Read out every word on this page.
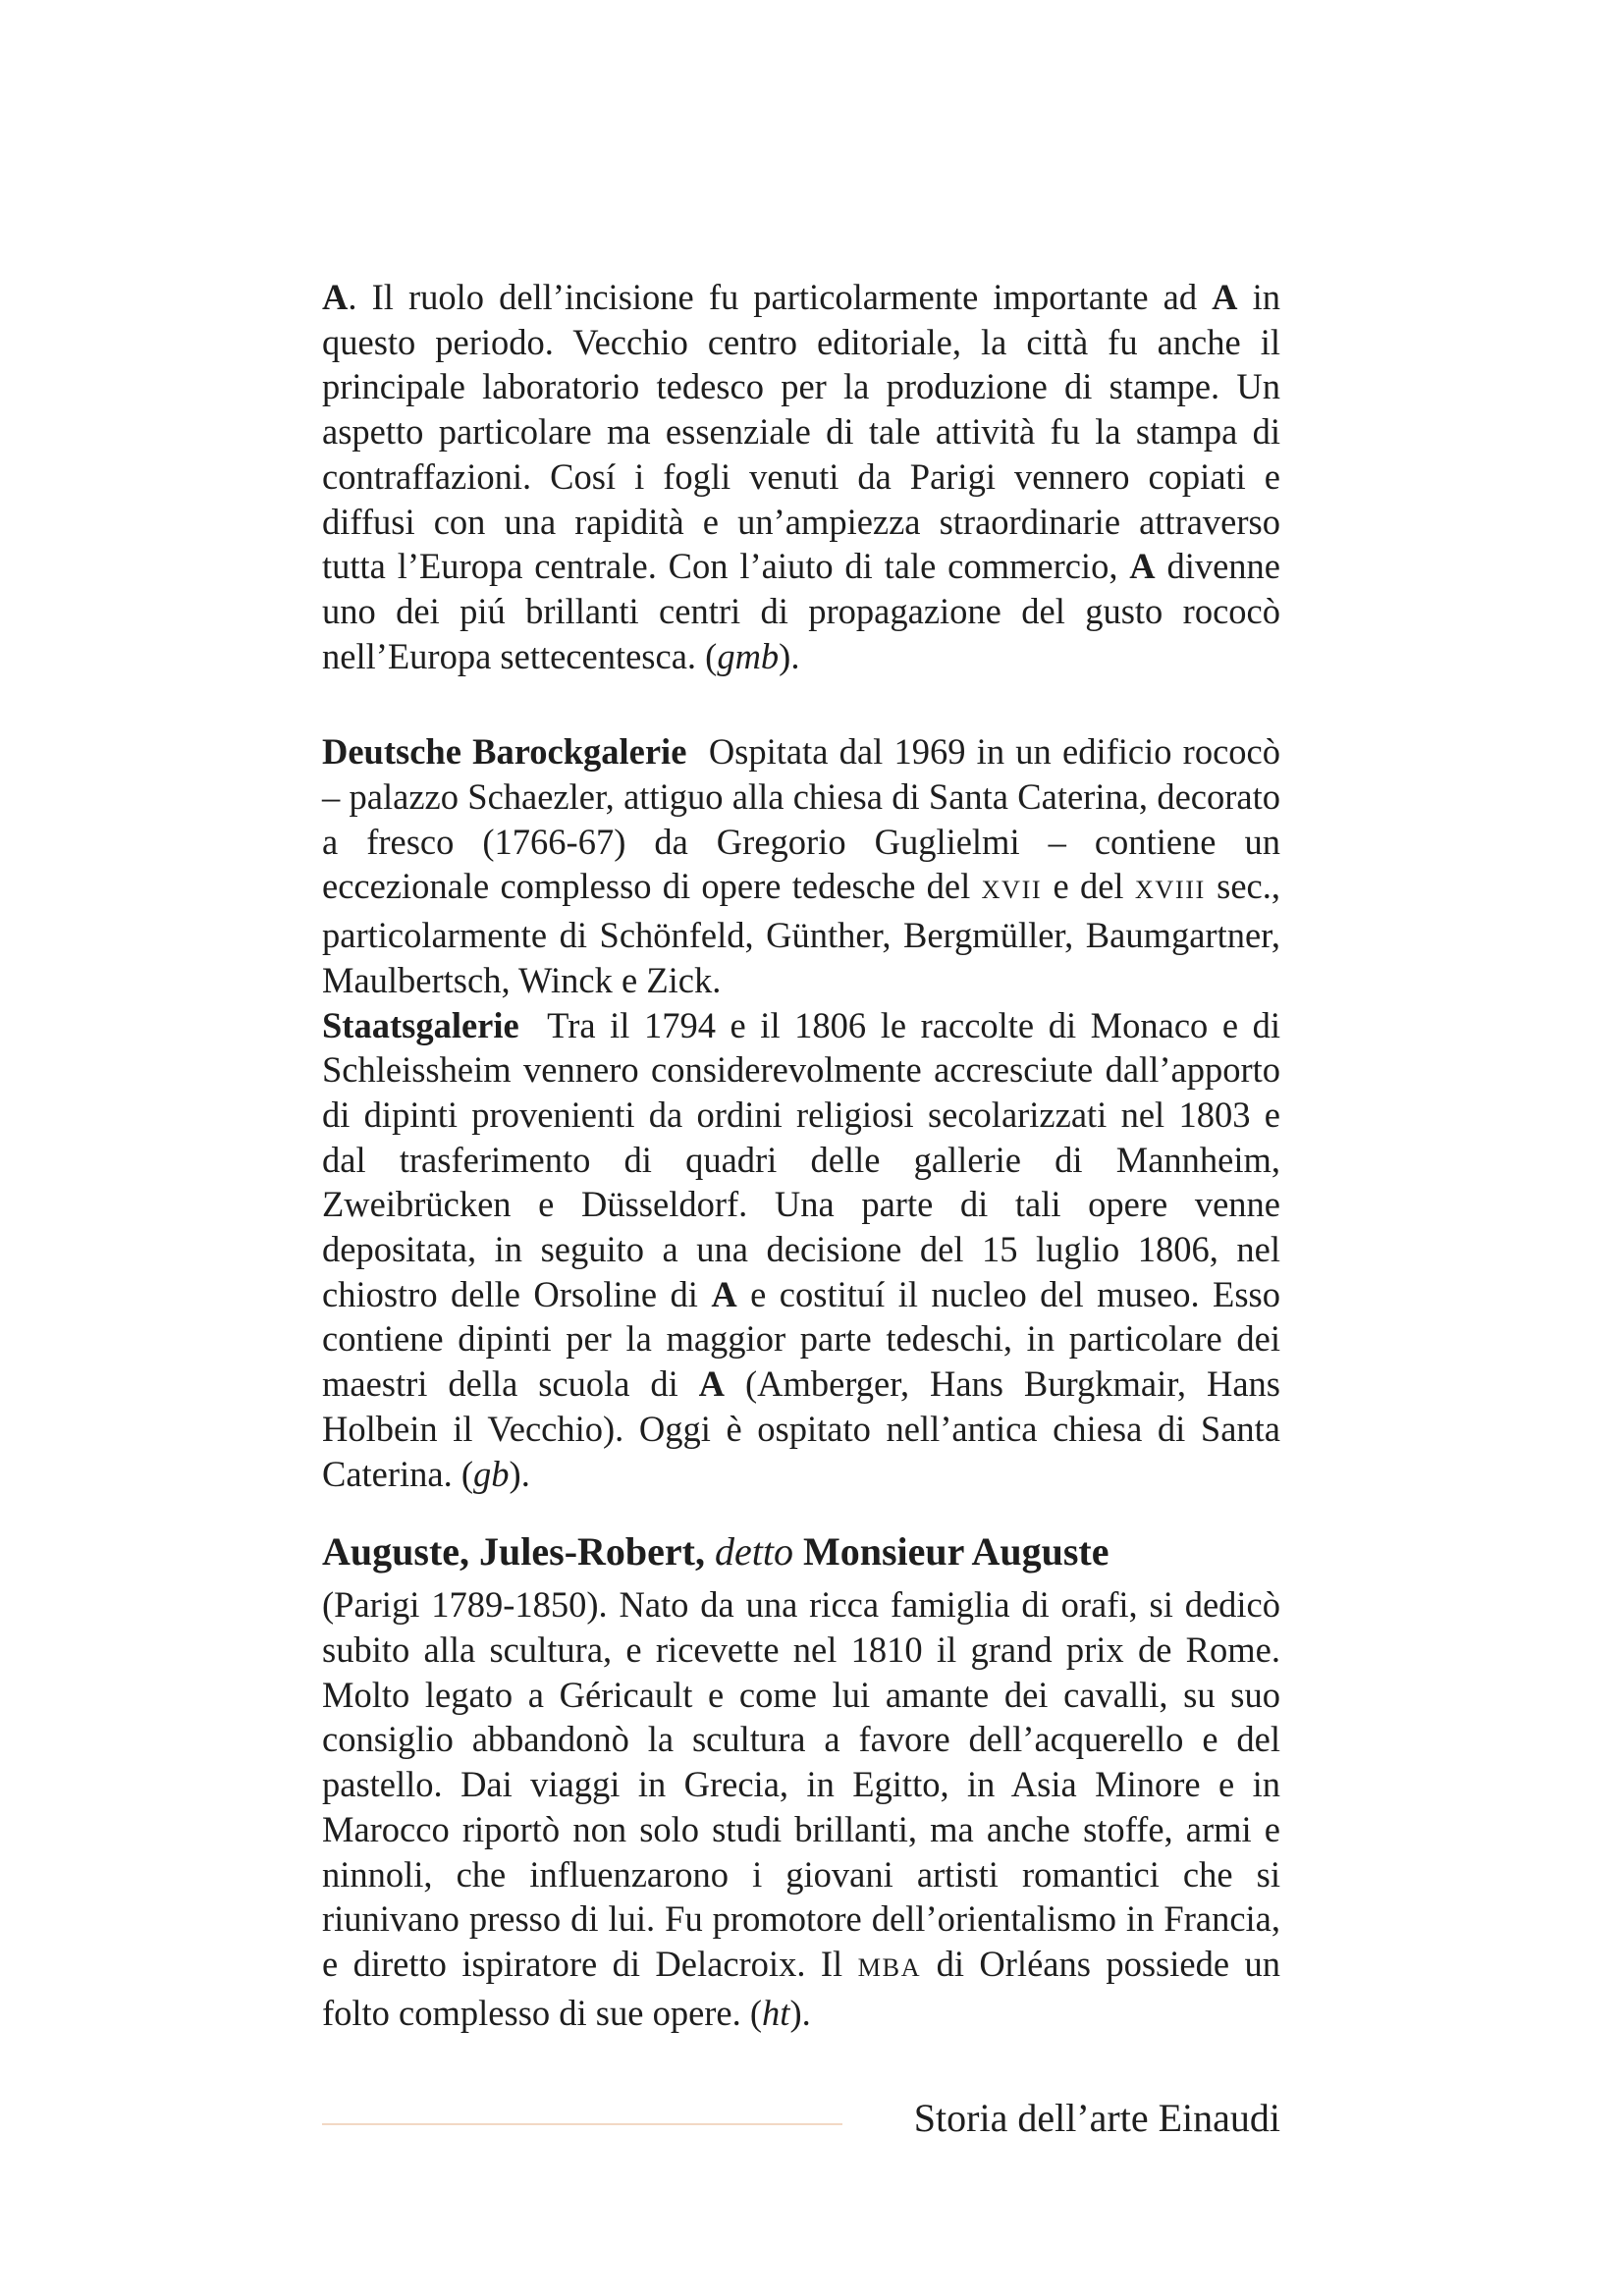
A. Il ruolo dell’incisione fu particolarmente importante ad A in questo periodo. Vecchio centro editoriale, la città fu anche il principale laboratorio tedesco per la produzione di stampe. Un aspetto particolare ma essenziale di tale attività fu la stampa di contraffazioni. Cosí i fogli venuti da Parigi vennero copiati e diffusi con una rapidità e un’ampiezza straordinarie attraverso tutta l’Europa centrale. Con l’aiuto di tale commercio, A divenne uno dei piú brillanti centri di propagazione del gusto rococò nell’Europa settecentesca. (gmb).

Deutsche Barockgalerie  Ospitata dal 1969 in un edificio rococò – palazzo Schaezler, attiguo alla chiesa di Santa Caterina, decorato a fresco (1766-67) da Gregorio Guglielmi – contiene un eccezionale complesso di opere tedesche del XVII e del XVIII sec., particolarmente di Schönfeld, Günther, Bergmüller, Baumgartner, Maulbertsch, Winck e Zick.

Staatsgalerie  Tra il 1794 e il 1806 le raccolte di Monaco e di Schleissheim vennero considerevolmente accresciute dall’apporto di dipinti provenienti da ordini religiosi secolarizzati nel 1803 e dal trasferimento di quadri delle gallerie di Mannheim, Zweibrücken e Düsseldorf. Una parte di tali opere venne depositata, in seguito a una decisione del 15 luglio 1806, nel chiostro delle Orsoline di A e costituí il nucleo del museo. Esso contiene dipinti per la maggior parte tedeschi, in particolare dei maestri della scuola di A (Amberger, Hans Burgkmair, Hans Holbein il Vecchio). Oggi è ospitato nell’antica chiesa di Santa Caterina. (gb).

Auguste, Jules-Robert, detto Monsieur Auguste

(Parigi 1789-1850). Nato da una ricca famiglia di orafi, si dedicò subito alla scultura, e ricevette nel 1810 il grand prix de Rome. Molto legato a Géricault e come lui amante dei cavalli, su suo consiglio abbandonò la scultura a favore dell’acquerello e del pastello. Dai viaggi in Grecia, in Egitto, in Asia Minore e in Marocco riportò non solo studi brillanti, ma anche stoffe, armi e ninnoli, che influenzarono i giovani artisti romantici che si riunivano presso di lui. Fu promotore dell’orientalismo in Francia, e diretto ispiratore di Delacroix. Il MBA di Orléans possiede un folto complesso di sue opere. (ht).

Storia dell’arte Einaudi
